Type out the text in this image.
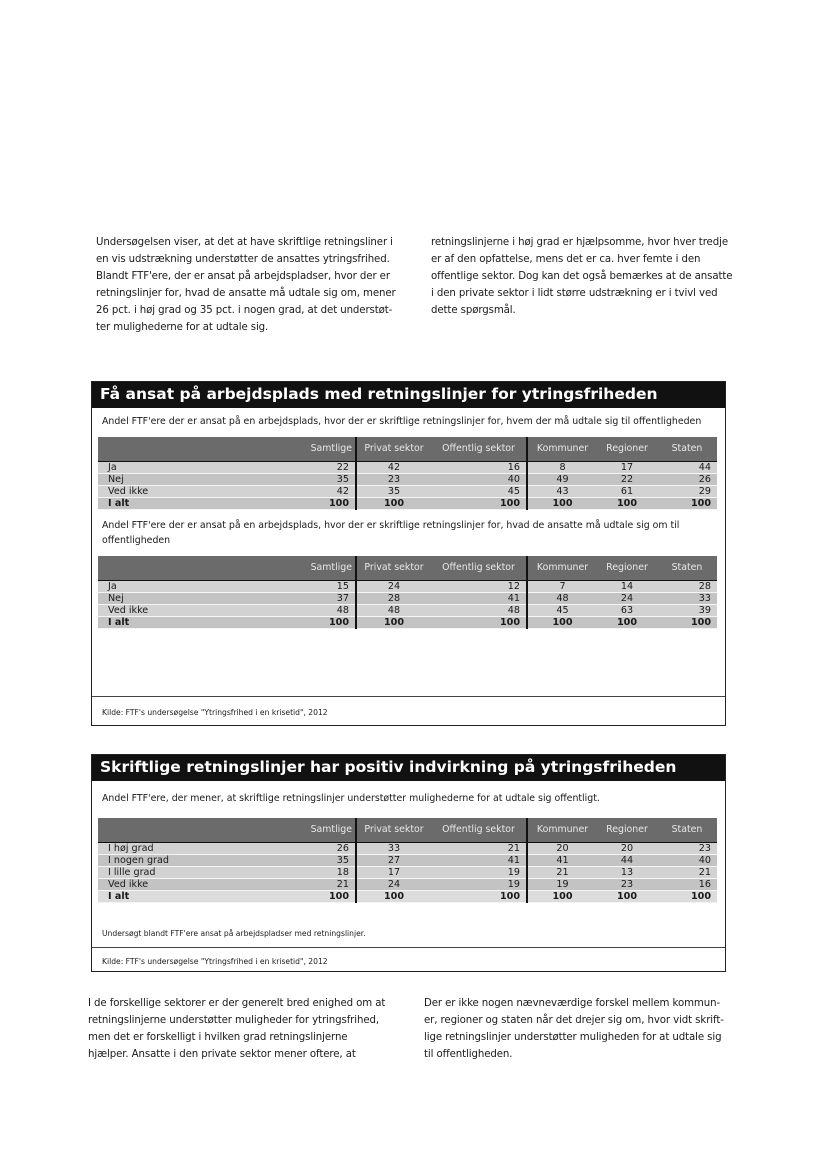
Undersøgelsen viser, at det at have skriftlige retningsliner i

en vis udstrækning understøtter de ansattes ytringsfrihed.

Blandt FTF'ere, der er ansat på arbejdspladser, hvor der er

retningslinjer for, hvad de ansatte må udtale sig om, mener

26 pct. i høj grad og 35 pct. i nogen grad, at det understøt-

ter mulighederne for at udtale sig.

retningslinjerne i høj grad er hjælpsomme, hvor hver tredje

er af den opfattelse, mens det er ca. hver femte i den

offentlige sektor. Dog kan det også bemærkes at de ansatte

i den private sektor i lidt større udstrækning er i tvivl ved

dette spørgsmål.

Få ansat på arbejdsplads med retningslinjer for ytringsfriheden
Andel FTF'ere der er ansat på en arbejdsplads, hvor der er skriftlige retningslinjer for, hvem der må udtale sig til offentligheden
	Samtlige	Privat sektor	Offentlig sektor	Kommuner	Regioner	Staten
Ja	22	42	16	8	17	44
Nej	35	23	40	49	22	26
Ved ikke	42	35	45	43	61	29
I alt	100	100	100	100	100	100
Andel FTF'ere der er ansat på en arbejdsplads, hvor der er skriftlige retningslinjer for, hvad de ansatte må udtale sig om til offentligheden
	Samtlige	Privat sektor	Offentlig sektor	Kommuner	Regioner	Staten
Ja	15	24	12	7	14	28
Nej	37	28	41	48	24	33
Ved ikke	48	48	48	45	63	39
I alt	100	100	100	100	100	100
Kilde: FTF's undersøgelse "Ytringsfrihed i en krisetid", 2012
Skriftlige retningslinjer har positiv indvirkning på ytringsfriheden
Andel FTF'ere, der mener, at skriftlige retningslinjer understøtter mulighederne for at udtale sig offentligt.
	Samtlige	Privat sektor	Offentlig sektor	Kommuner	Regioner	Staten
I høj grad	26	33	21	20	20	23
I nogen grad	35	27	41	41	44	40
I lille grad	18	17	19	21	13	21
Ved ikke	21	24	19	19	23	16
I alt	100	100	100	100	100	100
Undersøgt blandt FTF'ere ansat på arbejdspladser med retningslinjer.
Kilde: FTF's undersøgelse "Ytringsfrihed i en krisetid", 2012

I de forskellige sektorer er der generelt bred enighed om at

retningslinjerne understøtter muligheder for ytringsfrihed,

men det er forskelligt i hvilken grad retningslinjerne

hjælper. Ansatte i den private sektor mener oftere, at

Der er ikke nogen nævneværdige forskel mellem kommun-

er, regioner og staten når det drejer sig om, hvor vidt skrift-

lige retningslinjer understøtter muligheden for at udtale sig

til offentligheden.
